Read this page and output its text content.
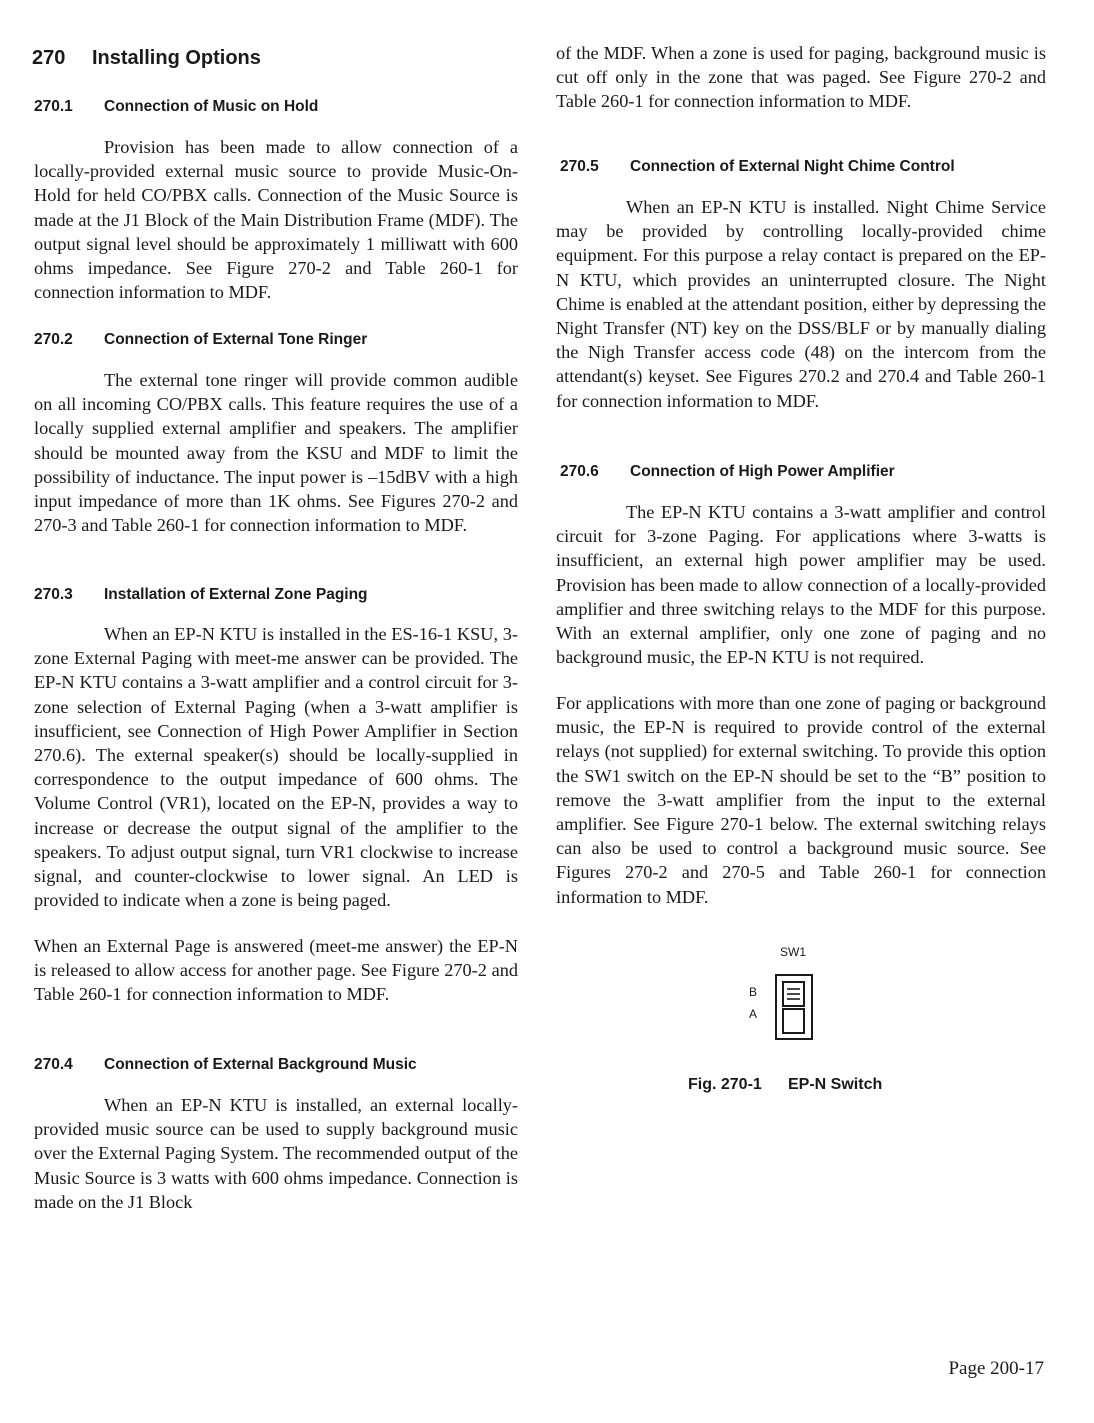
270 Installing Options
270.1 Connection of Music on Hold

Provision has been made to allow connection of a locally-provided external music source to provide Music-On-Hold for held CO/PBX calls. Connection of the Music Source is made at the J1 Block of the Main Distribution Frame (MDF). The output signal level should be approximately 1 milliwatt with 600 ohms impedance. See Figure 270-2 and Table 260-1 for connection information to MDF.

270.2 Connection of External Tone Ringer

The external tone ringer will provide common audible on all incoming CO/PBX calls. This feature requires the use of a locally supplied external amplifier and speakers. The amplifier should be mounted away from the KSU and MDF to limit the possibility of inductance. The input power is –15dBV with a high input impedance of more than 1K ohms. See Figures 270-2 and 270-3 and Table 260-1 for connection information to MDF.

270.3 Installation of External Zone Paging

When an EP-N KTU is installed in the ES-16-1 KSU, 3-zone External Paging with meet-me answer can be provided. The EP-N KTU contains a 3-watt amplifier and a control circuit for 3-zone selection of External Paging (when a 3-watt amplifier is insufficient, see Connection of High Power Amplifier in Section 270.6). The external speaker(s) should be locally-supplied in correspondence to the output impedance of 600 ohms. The Volume Control (VR1), located on the EP-N, provides a way to increase or decrease the output signal of the amplifier to the speakers. To adjust output signal, turn VR1 clockwise to increase signal, and counter-clockwise to lower signal. An LED is provided to indicate when a zone is being paged.

When an External Page is answered (meet-me answer) the EP-N is released to allow access for another page. See Figure 270-2 and Table 260-1 for connection information to MDF.

270.4 Connection of External Background Music

When an EP-N KTU is installed, an external locally-provided music source can be used to supply background music over the External Paging System. The recommended output of the Music Source is 3 watts with 600 ohms impedance. Connection is made on the J1 Block

of the MDF. When a zone is used for paging, background music is cut off only in the zone that was paged. See Figure 270-2 and Table 260-1 for connection information to MDF.

270.5 Connection of External Night Chime Control

When an EP-N KTU is installed. Night Chime Service may be provided by controlling locally-provided chime equipment. For this purpose a relay contact is prepared on the EP-N KTU, which provides an uninterrupted closure. The Night Chime is enabled at the attendant position, either by depressing the Night Transfer (NT) key on the DSS/BLF or by manually dialing the Nigh Transfer access code (48) on the intercom from the attendant(s) keyset. See Figures 270.2 and 270.4 and Table 260-1 for connection information to MDF.

270.6 Connection of High Power Amplifier

The EP-N KTU contains a 3-watt amplifier and control circuit for 3-zone Paging. For applications where 3-watts is insufficient, an external high power amplifier may be used. Provision has been made to allow connection of a locally-provided amplifier and three switching relays to the MDF for this purpose. With an external amplifier, only one zone of paging and no background music, the EP-N KTU is not required.

For applications with more than one zone of paging or background music, the EP-N is required to provide control of the external relays (not supplied) for external switching. To provide this option the SW1 switch on the EP-N should be set to the “B” position to remove the 3-watt amplifier from the input to the external amplifier. See Figure 270-1 below. The external switching relays can also be used to control a background music source. See Figures 270-2 and 270-5 and Table 260-1 for connection information to MDF.

SW1
B
A
Fig. 270-1 EP-N Switch
Page 200-17
